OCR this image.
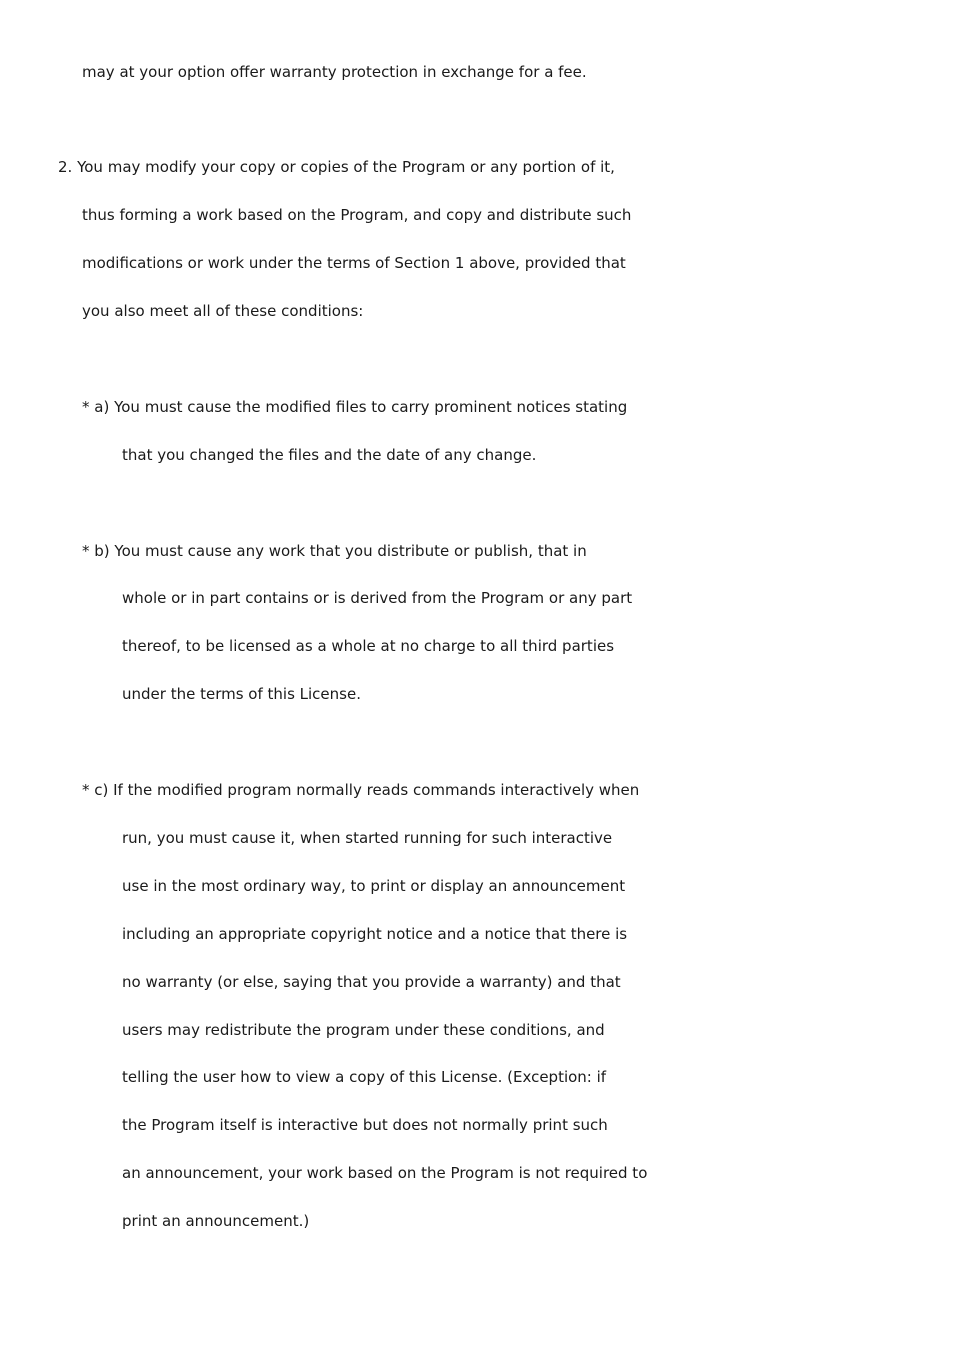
may at your option offer warranty protection in exchange for a fee.
2. You may modify your copy or copies of the Program or any portion of it,
thus forming a work based on the Program, and copy and distribute such
modifications or work under the terms of Section 1 above, provided that
you also meet all of these conditions:
* a) You must cause the modified files to carry prominent notices stating
that you changed the files and the date of any change.
* b) You must cause any work that you distribute or publish, that in
whole or in part contains or is derived from the Program or any part
thereof, to be licensed as a whole at no charge to all third parties
under the terms of this License.
* c) If the modified program normally reads commands interactively when
run, you must cause it, when started running for such interactive
use in the most ordinary way, to print or display an announcement
including an appropriate copyright notice and a notice that there is
no warranty (or else, saying that you provide a warranty) and that
users may redistribute the program under these conditions, and
telling the user how to view a copy of this License. (Exception: if
the Program itself is interactive but does not normally print such
an announcement, your work based on the Program is not required to
print an announcement.)
